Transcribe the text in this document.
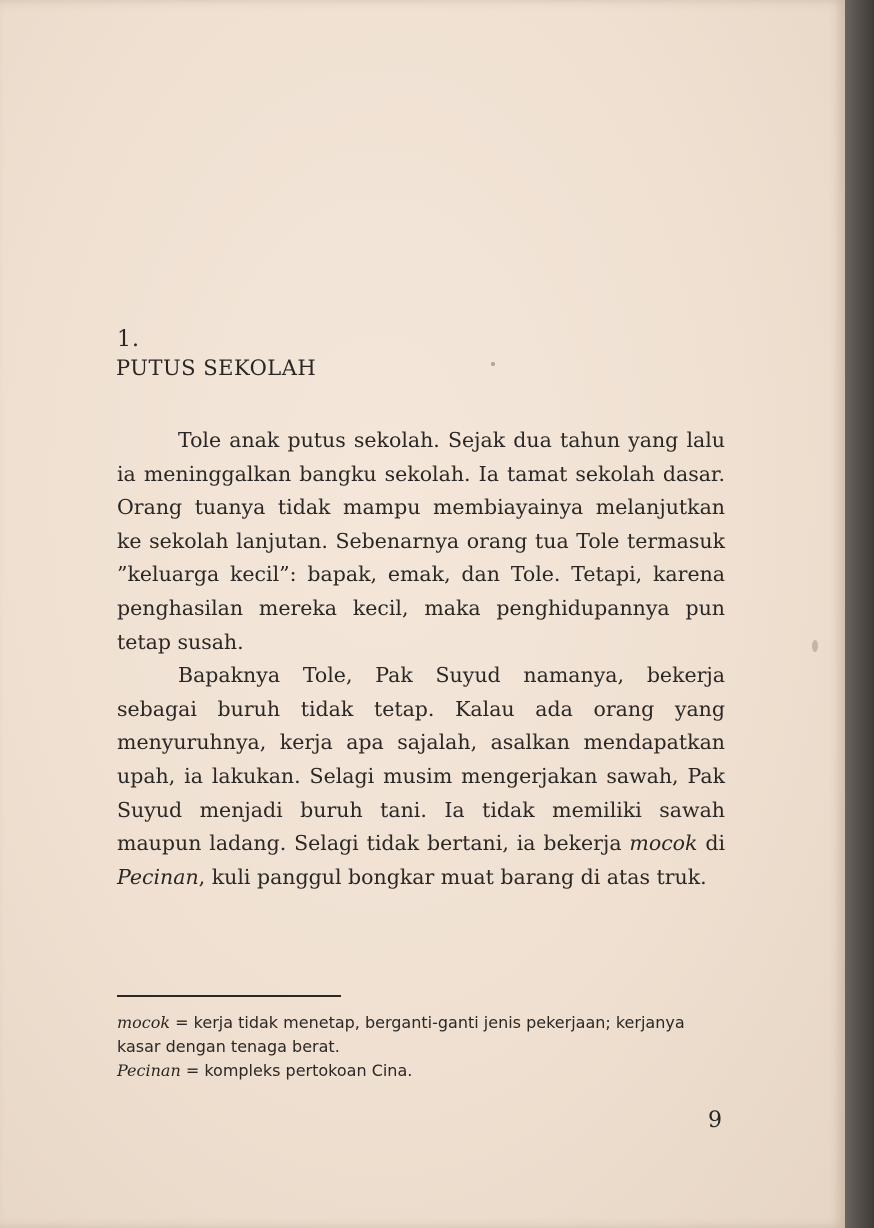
1.
PUTUS SEKOLAH

Tole anak putus sekolah. Sejak dua tahun yang lalu ia meninggalkan bangku sekolah. Ia tamat sekolah dasar. Orang tuanya tidak mampu membiayainya melanjutkan ke sekolah lanjutan. Sebenarnya orang tua Tole termasuk ”keluarga kecil”: bapak, emak, dan Tole. Tetapi, karena penghasilan mereka kecil, maka penghidupannya pun tetap susah.

Bapaknya Tole, Pak Suyud namanya, bekerja sebagai buruh tidak tetap. Kalau ada orang yang menyuruhnya, kerja apa sajalah, asalkan mendapatkan upah, ia lakukan. Selagi musim mengerjakan sawah, Pak Suyud menjadi buruh tani. Ia tidak memiliki sawah maupun ladang. Selagi tidak bertani, ia bekerja mocok di Pecinan, kuli panggul bongkar muat barang di atas truk.

mocok = kerja tidak menetap, berganti-ganti jenis pekerjaan; kerjanya kasar dengan tenaga berat.

Pecinan = kompleks pertokoan Cina.

9
